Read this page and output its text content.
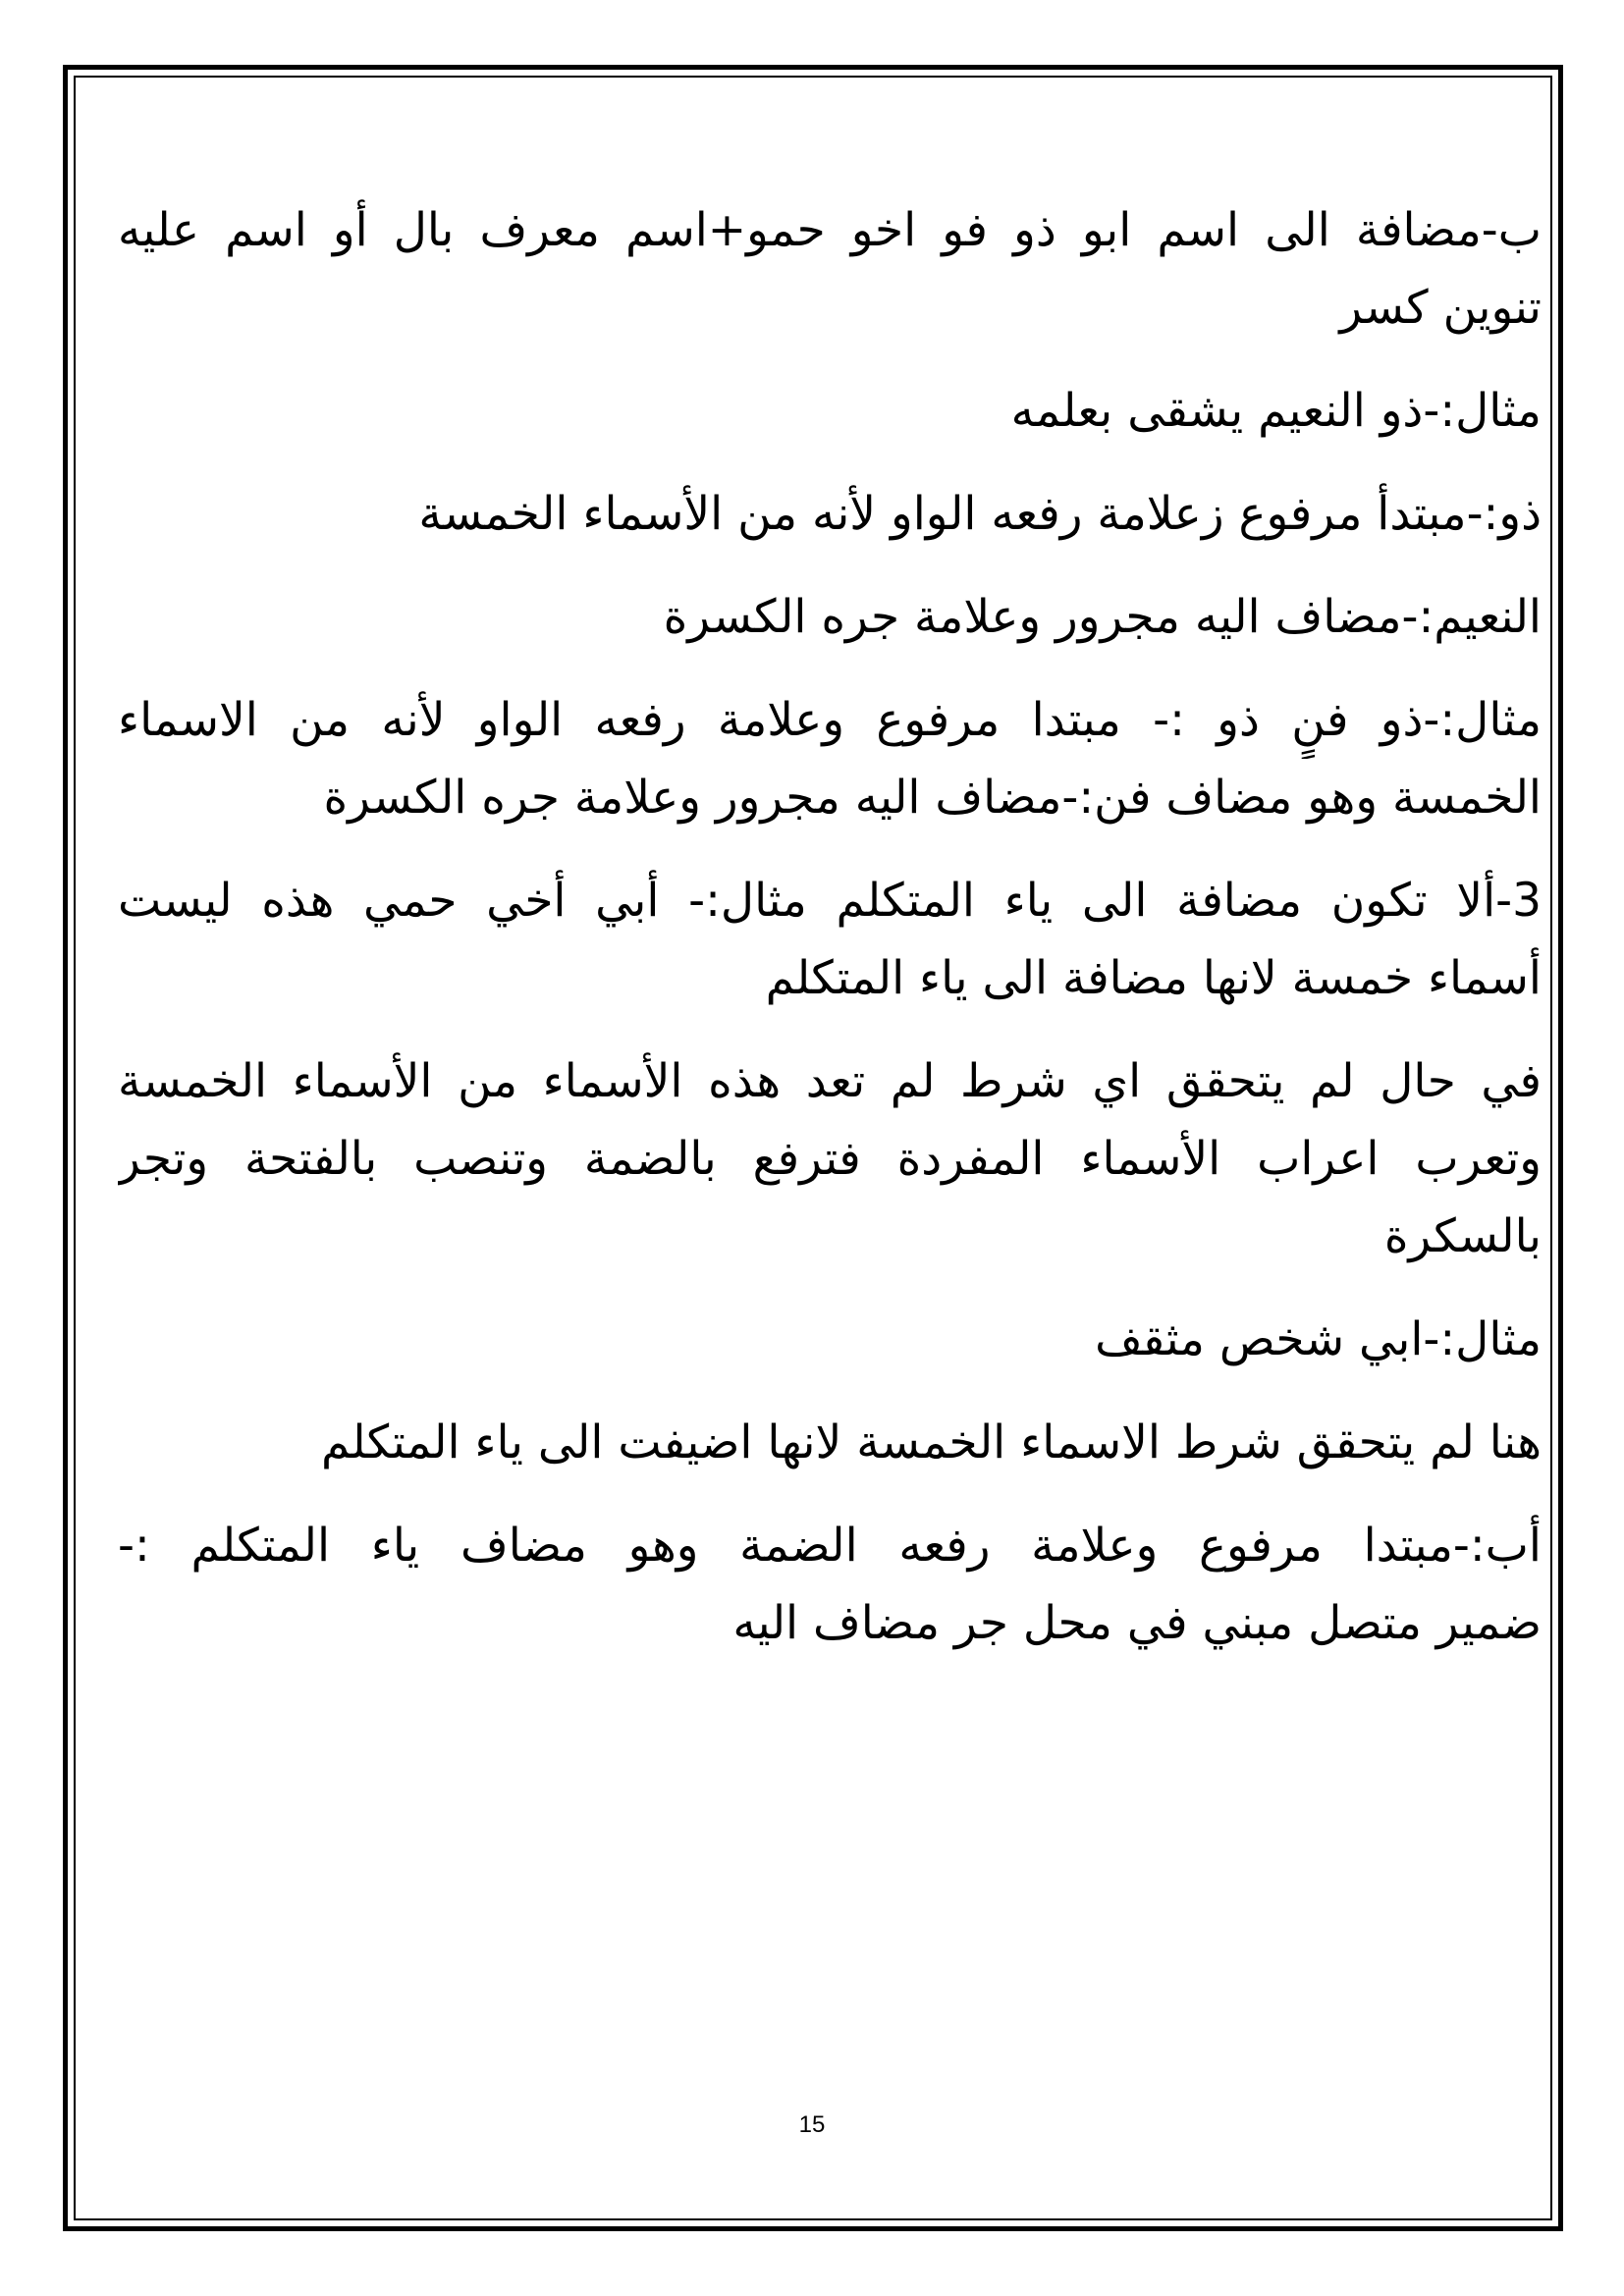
ب-مضافة الى اسم ابو ذو فو اخو حمو+اسم معرف بال أو اسم عليه
تنوين كسر
مثال:-ذو النعيم يشقى بعلمه
ذو:-مبتدأ مرفوع زعلامة رفعه الواو لأنه من الأسماء الخمسة
النعيم:-مضاف اليه مجرور وعلامة جره الكسرة
مثال:-ذو فنٍ ذو :- مبتدا مرفوع وعلامة رفعه الواو لأنه من الاسماء
الخمسة وهو مضاف فن:-مضاف اليه مجرور وعلامة جره الكسرة
3-ألا تكون مضافة الى ياء المتكلم مثال:- أبي أخي حمي هذه ليست
أسماء خمسة لانها مضافة الى ياء المتكلم
في حال لم يتحقق اي شرط لم تعد هذه الأسماء من الأسماء الخمسة
وتعرب اعراب الأسماء المفردة فترفع بالضمة وتنصب بالفتحة وتجر
بالسكرة
مثال:-ابي شخص مثقف
هنا لم يتحقق شرط الاسماء الخمسة لانها اضيفت الى ياء المتكلم
أب:-مبتدا مرفوع وعلامة رفعه الضمة وهو مضاف ياء المتكلم :-
ضمير متصل مبني في محل جر مضاف اليه
15
